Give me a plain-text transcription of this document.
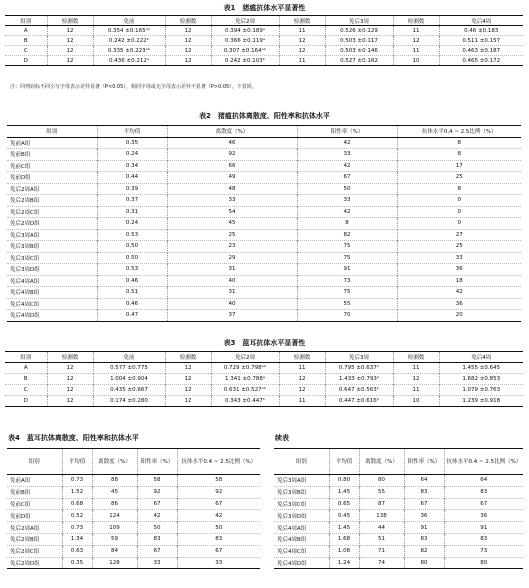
表1　猪瘟抗体水平显著性
组别	检测数	免前	检测数	免后2周	检测数	免后3周	检测数	免后4周
A	12	0.354 ±0.165ᵃᵇ	12	0.394 ±0.189ᵃ	11	0.526 ±0.129	11	0.46 ±0.183
B	12	0.242 ±0.222ᵇ	12	0.366 ±0.119ᵃ	12	0.503 ±0.117	12	0.511 ±0.157
C	12	0.335 ±0.223ᵃᵇ	12	0.307 ±0.164ᵃᵇ	12	0.503 ±0.146	11	0.463 ±0.187
D	12	0.436 ±0.212ᵃ	12	0.242 ±0.103ᵇ	11	0.527 ±0.162	10	0.465 ±0.172
注：同列肩标不同小写字母表示差异显著（P<0.05），相同字母或无字母表示差异不显著（P>0.05），下表同。
表2　猪瘟抗体离散度、阳性率和抗体水平
组别	平均值	离散度（%）	阳性率（%）	抗体水平0.4 ~ 2.5比例（%）
免前A组	0.35	46	42	8
免前B组	0.24	92	33	8
免前C组	0.34	66	42	17
免前D组	0.44	49	67	25
免后2周A组	0.39	48	50	8
免后2周B组	0.37	33	33	0
免后2周C组	0.31	54	42	0
免后2周D组	0.24	45	8	0
免后3周A组	0.53	25	82	27
免后3周B组	0.50	23	75	25
免后3周C组	0.50	29	75	33
免后3周D组	0.53	31	91	36
免后4周A组	0.46	40	73	18
免后4周B组	0.51	31	75	42
免后4周C组	0.46	40	55	36
免后4周D组	0.47	37	70	20
表3　蓝耳抗体水平显著性
组别	检测数	免前	检测数	免后2周	检测数	免后3周	检测数	免后4周
A	12	0.577 ±0.775	12	0.729 ±0.798ᵃᵇ	11	0.795 ±0.637ᵇ	11	1.455 ±0.645
B	12	1.004 ±0.904	12	1.341 ±0.788ᵃ	12	1.433 ±0.793ᵃ	12	1.682 ±0.853
C	12	0.435 ±0.667	12	0.631 ±0.527ᵃᵇ	12	0.647 ±0.563ᵇ	11	1.079 ±0.763
D	12	0.174 ±0.280	12	0.343 ±0.447ᵇ	11	0.447 ±0.616ᵇ	10	1.239 ±0.918
表4　蓝耳抗体离散度、阳性率和抗体水平
组别	平均值	离散度（%）	阳性率（%）	抗体水平0.4 ~ 2.5比例（%）
免前A组	0.73	88	58	58
免前B组	1.52	45	92	92
免前C组	0.68	86	67	67
免前D组	0.52	124	42	42
免后2周A组	0.73	109	50	50
免后2周B组	1.34	59	83	83
免后2周C组	0.63	84	67	67
免后2周D组	0.35	128	33	33
续表
组别	平均值	离散度（%）	阳性率（%）	抗体水平0.4 ~ 2.5比例（%）
免后3周A组	0.80	80	64	64
免后3周B组	1.45	55	83	83
免后3周C组	0.65	87	67	67
免后3周D组	0.45	138	36	36
免后4周A组	1.45	44	91	91
免后4周B组	1.68	51	83	83
免后4周C组	1.08	71	82	73
免后4周D组	1.24	74	80	80
